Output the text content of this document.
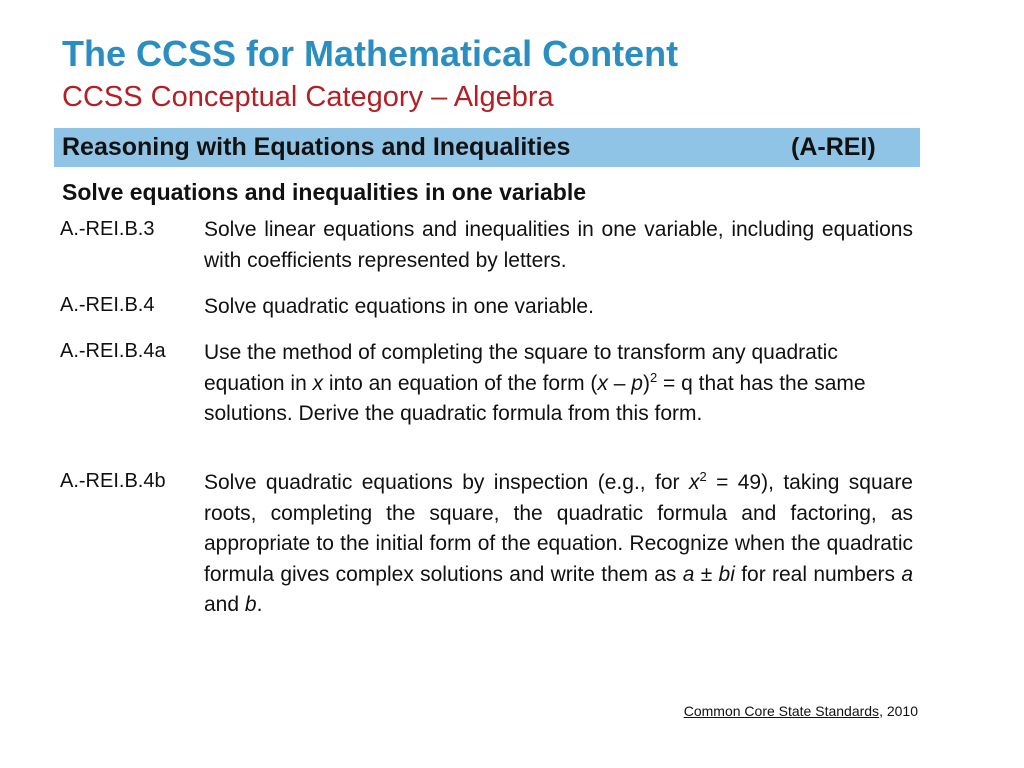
The CCSS for Mathematical Content
CCSS Conceptual Category – Algebra
Reasoning with Equations and Inequalities	(A-REI)
Solve equations and inequalities in one variable
A.-REI.B.3 Solve linear equations and inequalities in one variable, including equations with coefficients represented by letters.
A.-REI.B.4 Solve quadratic equations in one variable.
A.-REI.B.4a Use the method of completing the square to transform any quadratic equation in x into an equation of the form (x – p)$^2$ = q that has the same solutions. Derive the quadratic formula from this form.
A.-REI.B.4b Solve quadratic equations by inspection (e.g., for $x^2 = 49$), taking square roots, completing the square, the quadratic formula and factoring, as appropriate to the initial form of the equation. Recognize when the quadratic formula gives complex solutions and write them as a ± bi for real numbers a and b.
Common Core State Standards, 2010
